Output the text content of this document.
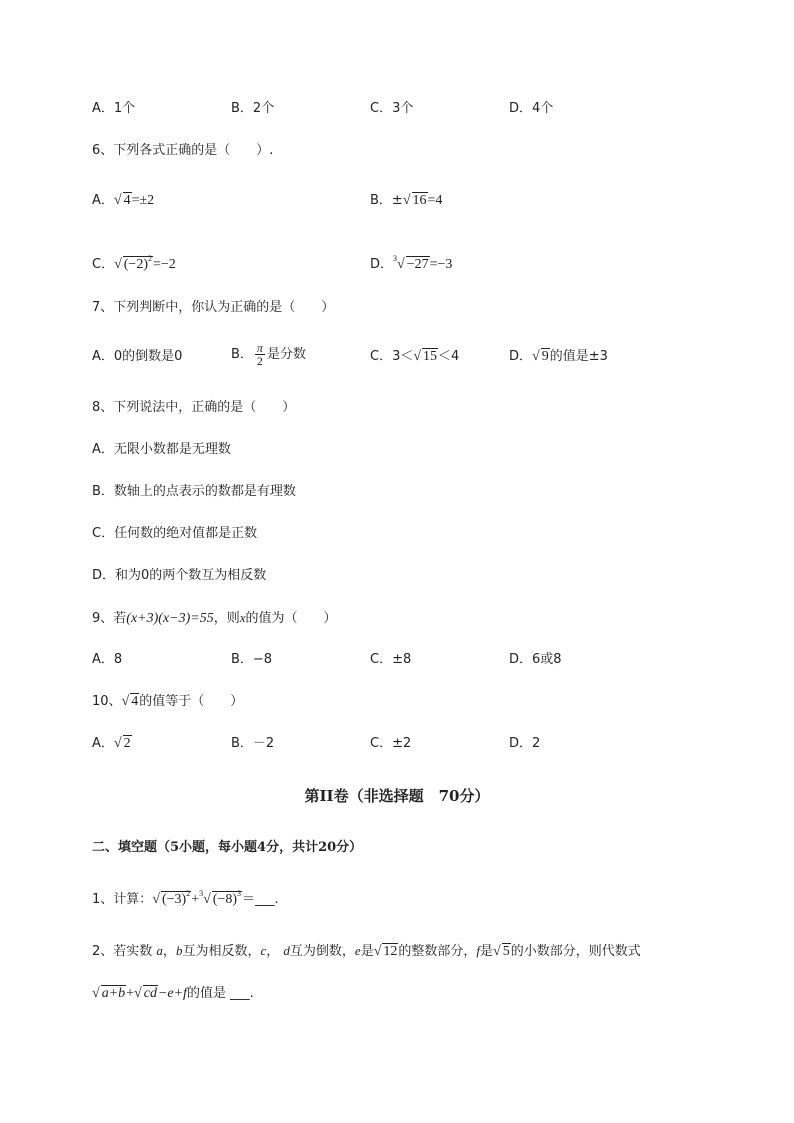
A．1个	B．2个	C．3个	D．4个
6、下列各式正确的是（　　）.
A．√ 4=±2	B．±√ 16=4
C．√ $(-2)^2=-2$	D．$^3$√ −27=−3
7、下列判断中，你认为正确的是（　　）
A．0的倒数是0	B． $\frac{\pi}{2}$ 是分数	C．3＜√ 15＜4	D．√ 9的值是±3
8、下列说法中，正确的是（　　）
A．无限小数都是无理数
B．数轴上的点表示的数都是有理数
C．任何数的绝对值都是正数
D．和为0的两个数互为相反数
9、若(x+3)(x−3)=55，则x的值为（　　）
A．8	B．−8	C．±8	D．6或8
10、√ 4的值等于（　　）
A．√ 2	B．－2	C．±2	D．2
第II卷（非选择题　70分）
二、填空题（5小题，每小题4分，共计20分）
1、计算：√ $(-3)^2+^3√$ $(-8)^3=\_\_\_$.
2、若实数 a，b互为相反数，c， d互为倒数，e是√ 12的整数部分，f是√ 5的小数部分，则代数式
√ a+b+√ cd−e+f的值是 ___.
